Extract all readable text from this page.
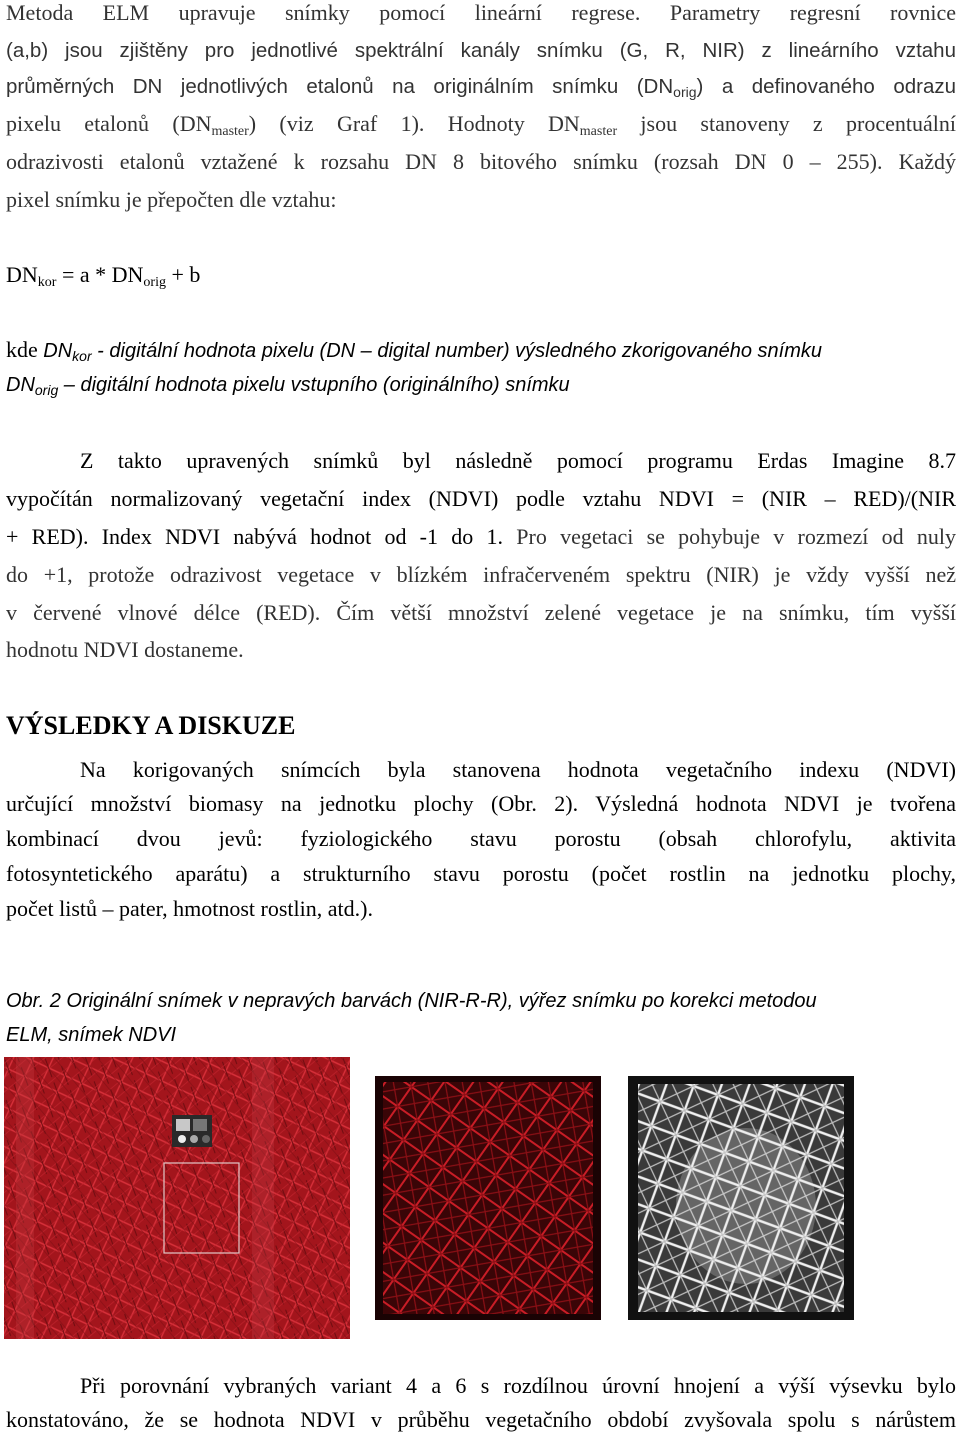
Metoda ELM upravuje snímky pomocí lineární regrese. Parametry regresní rovnice
(a,b) jsou zjištěny pro jednotlivé spektrální kanály snímku (G, R, NIR) z lineárního vztahu
průměrných DN jednotlivých etalonů na originálním snímku $(DN_{orig})$ a definovaného odrazu
pixelu etalonů $(DN_{master})$ (viz Graf 1). Hodnoty $DN_{master}$ jsou stanoveny z procentuální
odrazivosti etalonů vztažené k rozsahu DN 8 bitového snímku (rozsah DN 0 – 255). Každý
pixel snímku je přepočten dle vztahu:
$DN_{kor} = a * DN_{orig} + b$
kde $DN_{kor}$ - digitální hodnota pixelu (DN – digital number) výsledného zkorigovaného snímku
$DN_{orig}$ – digitální hodnota pixelu vstupního (originálního) snímku
Z takto upravených snímků byl následně pomocí programu Erdas Imagine 8.7
vypočítán normalizovaný vegetační index (NDVI) podle vztahu NDVI = (NIR – RED)/(NIR
+ RED). Index NDVI nabývá hodnot od -1 do 1. Pro vegetaci se pohybuje v rozmezí od nuly
do +1, protože odrazivost vegetace v blízkém infračerveném spektru (NIR) je vždy vyšší než
v červené vlnové délce (RED). Čím větší množství zelené vegetace je na snímku, tím vyšší
hodnotu NDVI dostaneme.
VÝSLEDKY A DISKUZE
Na korigovaných snímcích byla stanovena hodnota vegetačního indexu (NDVI)
určující množství biomasy na jednotku plochy (Obr. 2). Výsledná hodnota NDVI je tvořena
kombinací dvou jevů: fyziologického stavu porostu (obsah chlorofylu, aktivita
fotosyntetického aparátu) a strukturního stavu porostu (počet rostlin na jednotku plochy,
počet listů – pater, hmotnost rostlin, atd.).
Obr. 2 Originální snímek v nepravých barvách (NIR-R-R), výřez snímku po korekci metodou
ELM, snímek NDVI
Při porovnání vybraných variant 4 a 6 s rozdílnou úrovní hnojení a výší výsevku bylo
konstatováno, že se hodnota NDVI v průběhu vegetačního období zvyšovala spolu s nárůstem
